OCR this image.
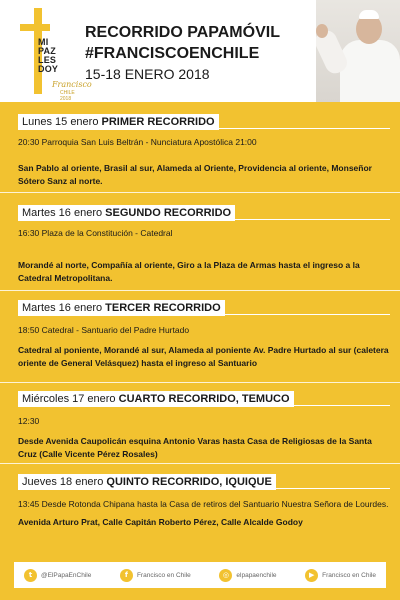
MI
PAZ
LES
DOY
Francisco
CHILE 2018
RECORRIDO PAPAMÓVIL
#FRANCISCOENCHILE
15-18 ENERO 2018
Lunes 15 enero PRIMER RECORRIDO
20:30 Parroquia San Luis Beltrán - Nunciatura Apostólica 21:00
San Pablo al oriente, Brasil al sur, Alameda al Oriente, Providencia al oriente, Monseñor Sótero Sanz al norte.
Martes 16 enero SEGUNDO RECORRIDO
16:30 Plaza de la Constitución - Catedral
Morandé al norte, Compañía al oriente, Giro a la Plaza de Armas hasta el ingreso a la Catedral Metropolitana.
Martes 16 enero TERCER RECORRIDO
18:50 Catedral - Santuario del Padre Hurtado
Catedral al poniente, Morandé al sur, Alameda al poniente Av. Padre Hurtado al sur (caletera oriente de General Velásquez) hasta el ingreso al Santuario
Miércoles 17 enero CUARTO RECORRIDO, TEMUCO
12:30
Desde Avenida Caupolicán esquina Antonio Varas hasta Casa de Religiosas de la Santa Cruz (Calle Vicente Pérez Rosales)
Jueves 18 enero QUINTO RECORRIDO, IQUIQUE
13:45 Desde Rotonda Chipana hasta la Casa de retiros del Santuario Nuestra Señora de Lourdes.
Avenida Arturo Prat, Calle Capitán Roberto Pérez, Calle Alcalde Godoy
t	@ElPapaEnChile	f	Francisco en Chile	◎	elpapaenchile	▶	Francisco en Chile
